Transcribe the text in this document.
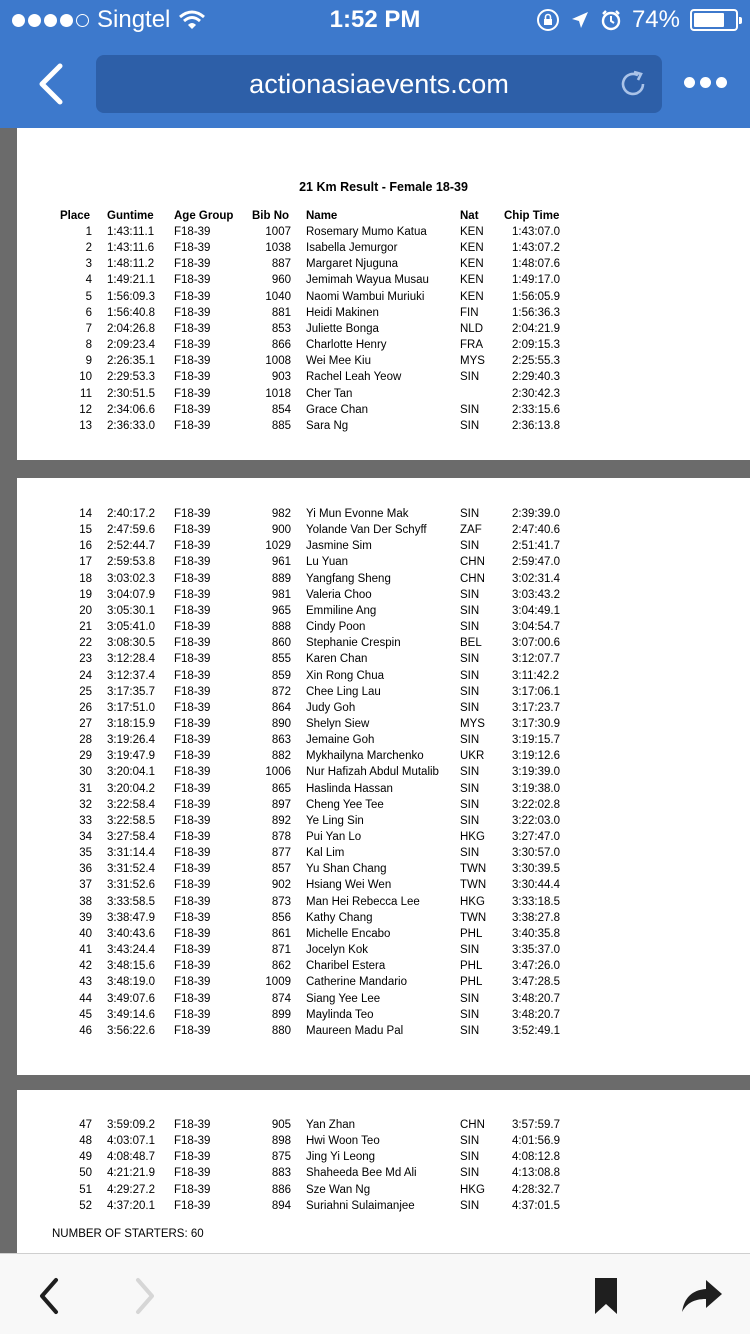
Singtel	1:52 PM	74%
actionasiaevents.com
21 Km Result - Female 18-39
Place Guntime Age Group Bib No Name	Nat Chip Time
1 1:43:11.1 F18-39	1007 Rosemary Mumo Katua	KEN 1:43:07.0
2 1:43:11.6 F18-39	1038 Isabella Jemurgor	KEN 1:43:07.2
3 1:48:11.2 F18-39	887 Margaret Njuguna	KEN 1:48:07.6
4 1:49:21.1 F18-39	960 Jemimah Wayua Musau	KEN 1:49:17.0
5 1:56:09.3 F18-39	1040 Naomi Wambui Muriuki	KEN 1:56:05.9
6 1:56:40.8 F18-39	881 Heidi Makinen	FIN	1:56:36.3
7 2:04:26.8 F18-39	853 Juliette Bonga	NLD	2:04:21.9
8 2:09:23.4 F18-39	866 Charlotte Henry	FRA	2:09:15.3
9 2:26:35.1 F18-39	1008 Wei Mee Kiu	MYS 2:25:55.3
10 2:29:53.3 F18-39	903 Rachel Leah Yeow	SIN	2:29:40.3
11 2:30:51.5 F18-39	1018 Cher Tan	2:30:42.3
12 2:34:06.6 F18-39	854 Grace Chan	SIN	2:33:15.6
13 2:36:33.0 F18-39	885 Sara Ng	SIN	2:36:13.8
14 2:40:17.2 F18-39	982 Yi Mun Evonne Mak	SIN	2:39:39.0
15 2:47:59.6 F18-39	900 Yolande Van Der Schyff	ZAF	2:47:40.6
16 2:52:44.7 F18-39	1029 Jasmine Sim	SIN	2:51:41.7
17 2:59:53.8 F18-39	961 Lu Yuan	CHN 2:59:47.0
18 3:03:02.3 F18-39	889 Yangfang Sheng	CHN 3:02:31.4
19 3:04:07.9 F18-39	981 Valeria Choo	SIN	3:03:43.2
20 3:05:30.1 F18-39	965 Emmiline Ang	SIN	3:04:49.1
21 3:05:41.0 F18-39	888 Cindy Poon	SIN	3:04:54.7
22 3:08:30.5 F18-39	860 Stephanie Crespin	BEL	3:07:00.6
23 3:12:28.4 F18-39	855 Karen Chan	SIN	3:12:07.7
24 3:12:37.4 F18-39	859 Xin Rong Chua	SIN	3:11:42.2
25 3:17:35.7 F18-39	872 Chee Ling Lau	SIN	3:17:06.1
26 3:17:51.0 F18-39	864 Judy Goh	SIN	3:17:23.7
27 3:18:15.9 F18-39	890 Shelyn Siew	MYS 3:17:30.9
28 3:19:26.4 F18-39	863 Jemaine Goh	SIN	3:19:15.7
29 3:19:47.9 F18-39	882 Mykhailyna Marchenko	UKR 3:19:12.6
30 3:20:04.1 F18-39	1006 Nur Hafizah Abdul Mutalib SIN	3:19:39.0
31 3:20:04.2 F18-39	865 Haslinda Hassan	SIN	3:19:38.0
32 3:22:58.4 F18-39	897 Cheng Yee Tee	SIN	3:22:02.8
33 3:22:58.5 F18-39	892 Ye Ling Sin	SIN	3:22:03.0
34 3:27:58.4 F18-39	878 Pui Yan Lo	HKG 3:27:47.0
35 3:31:14.4 F18-39	877 Kal Lim	SIN	3:30:57.0
36 3:31:52.4 F18-39	857 Yu Shan Chang	TWN 3:30:39.5
37 3:31:52.6 F18-39	902 Hsiang Wei Wen	TWN 3:30:44.4
38 3:33:58.5 F18-39	873 Man Hei Rebecca Lee	HKG 3:33:18.5
39 3:38:47.9 F18-39	856 Kathy Chang	TWN 3:38:27.8
40 3:40:43.6 F18-39	861 Michelle Encabo	PHL	3:40:35.8
41 3:43:24.4 F18-39	871 Jocelyn Kok	SIN	3:35:37.0
42 3:48:15.6 F18-39	862 Charibel Estera	PHL	3:47:26.0
43 3:48:19.0 F18-39	1009 Catherine Mandario	PHL	3:47:28.5
44 3:49:07.6 F18-39	874 Siang Yee Lee	SIN	3:48:20.7
45 3:49:14.6 F18-39	899 Maylinda Teo	SIN	3:48:20.7
46 3:56:22.6 F18-39	880 Maureen Madu Pal	SIN	3:52:49.1
47 3:59:09.2 F18-39	905 Yan Zhan	CHN 3:57:59.7
48 4:03:07.1 F18-39	898 Hwi Woon Teo	SIN	4:01:56.9
49 4:08:48.7 F18-39	875 Jing Yi Leong	SIN	4:08:12.8
50 4:21:21.9 F18-39	883 Shaheeda Bee Md Ali	SIN	4:13:08.8
51 4:29:27.2 F18-39	886 Sze Wan Ng	HKG 4:28:32.7
52 4:37:20.1 F18-39	894 Suriahni Sulaimanjee	SIN	4:37:01.5
NUMBER OF STARTERS: 60
